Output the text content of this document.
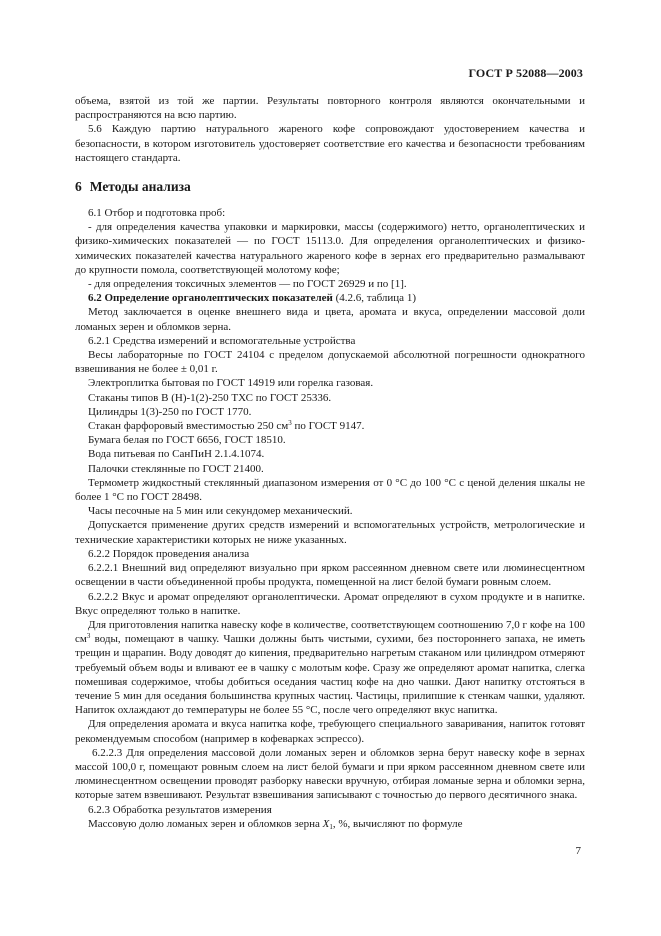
ГОСТ Р 52088—2003

объема, взятой из той же партии. Результаты повторного контроля являются окончательными и распространяются на всю партию.

5.6 Каждую партию натурального жареного кофе сопровождают удостоверением качества и безопасности, в котором изготовитель удостоверяет соответствие его качества и безопасности требованиям настоящего стандарта.

6 Методы анализа

6.1 Отбор и подготовка проб:

- для определения качества упаковки и маркировки, массы (содержимого) нетто, органолептических и физико-химических показателей — по ГОСТ 15113.0. Для определения органолептических и физико-химических показателей качества натурального жареного кофе в зернах его предварительно размалывают до крупности помола, соответствующей молотому кофе;

- для определения токсичных элементов — по ГОСТ 26929 и по [1].

6.2 Определение органолептических показателей (4.2.6, таблица 1)

Метод заключается в оценке внешнего вида и цвета, аромата и вкуса, определении массовой доли ломаных зерен и обломков зерна.

6.2.1 Средства измерений и вспомогательные устройства

Весы лабораторные по ГОСТ 24104 с пределом допускаемой абсолютной погрешности однократного взвешивания не более ± 0,01 г.

Электроплитка бытовая по ГОСТ 14919 или горелка газовая.

Стаканы типов В (Н)-1(2)-250 ТХС по ГОСТ 25336.

Цилиндры 1(3)-250 по ГОСТ 1770.

Стакан фарфоровый вместимостью 250 $см^3$ по ГОСТ 9147.

Бумага белая по ГОСТ 6656, ГОСТ 18510.

Вода питьевая по СанПиН 2.1.4.1074.

Палочки стеклянные по ГОСТ 21400.

Термометр жидкостный стеклянный диапазоном измерения от 0 °С до 100 °С с ценой деления шкалы не более 1 °С по ГОСТ 28498.

Часы песочные на 5 мин или секундомер механический.

Допускается применение других средств измерений и вспомогательных устройств, метрологические и технические характеристики которых не ниже указанных.

6.2.2 Порядок проведения анализа

6.2.2.1 Внешний вид определяют визуально при ярком рассеянном дневном свете или люминесцентном освещении в части объединенной пробы продукта, помещенной на лист белой бумаги ровным слоем.

6.2.2.2 Вкус и аромат определяют органолептически. Аромат определяют в сухом продукте и в напитке. Вкус определяют только в напитке.

Для приготовления напитка навеску кофе в количестве, соответствующем соотношению 7,0 г кофе на 100 $см^3$ воды, помещают в чашку. Чашки должны быть чистыми, сухими, без постороннего запаха, не иметь трещин и щарапин. Воду доводят до кипения, предварительно нагретым стаканом или цилиндром отмеряют требуемый объем воды и вливают ее в чашку с молотым кофе. Сразу же определяют аромат напитка, слегка помешивая содержимое, чтобы добиться оседания частиц кофе на дно чашки. Дают напитку отстояться в течение 5 мин для оседания большинства крупных частиц. Частицы, прилипшие к стенкам чашки, удаляют. Напиток охлаждают до температуры не более 55 °С, после чего определяют вкус напитка.

Для определения аромата и вкуса напитка кофе, требующего специального заваривания, напиток готовят рекомендуемым способом (например в кофеварках эспрессо).

6.2.2.3 Для определения массовой доли ломаных зерен и обломков зерна берут навеску кофе в зернах массой 100,0 г, помещают ровным слоем на лист белой бумаги и при ярком рассеянном дневном свете или люминесцентном освещении проводят разборку навески вручную, отбирая ломаные зерна и обломки зерна, которые затем взвешивают. Результат взвешивания записывают с точностью до первого десятичного знака.

6.2.3 Обработка результатов измерения

Массовую долю ломаных зерен и обломков зерна $X_1$, %, вычисляют по формуле

7
